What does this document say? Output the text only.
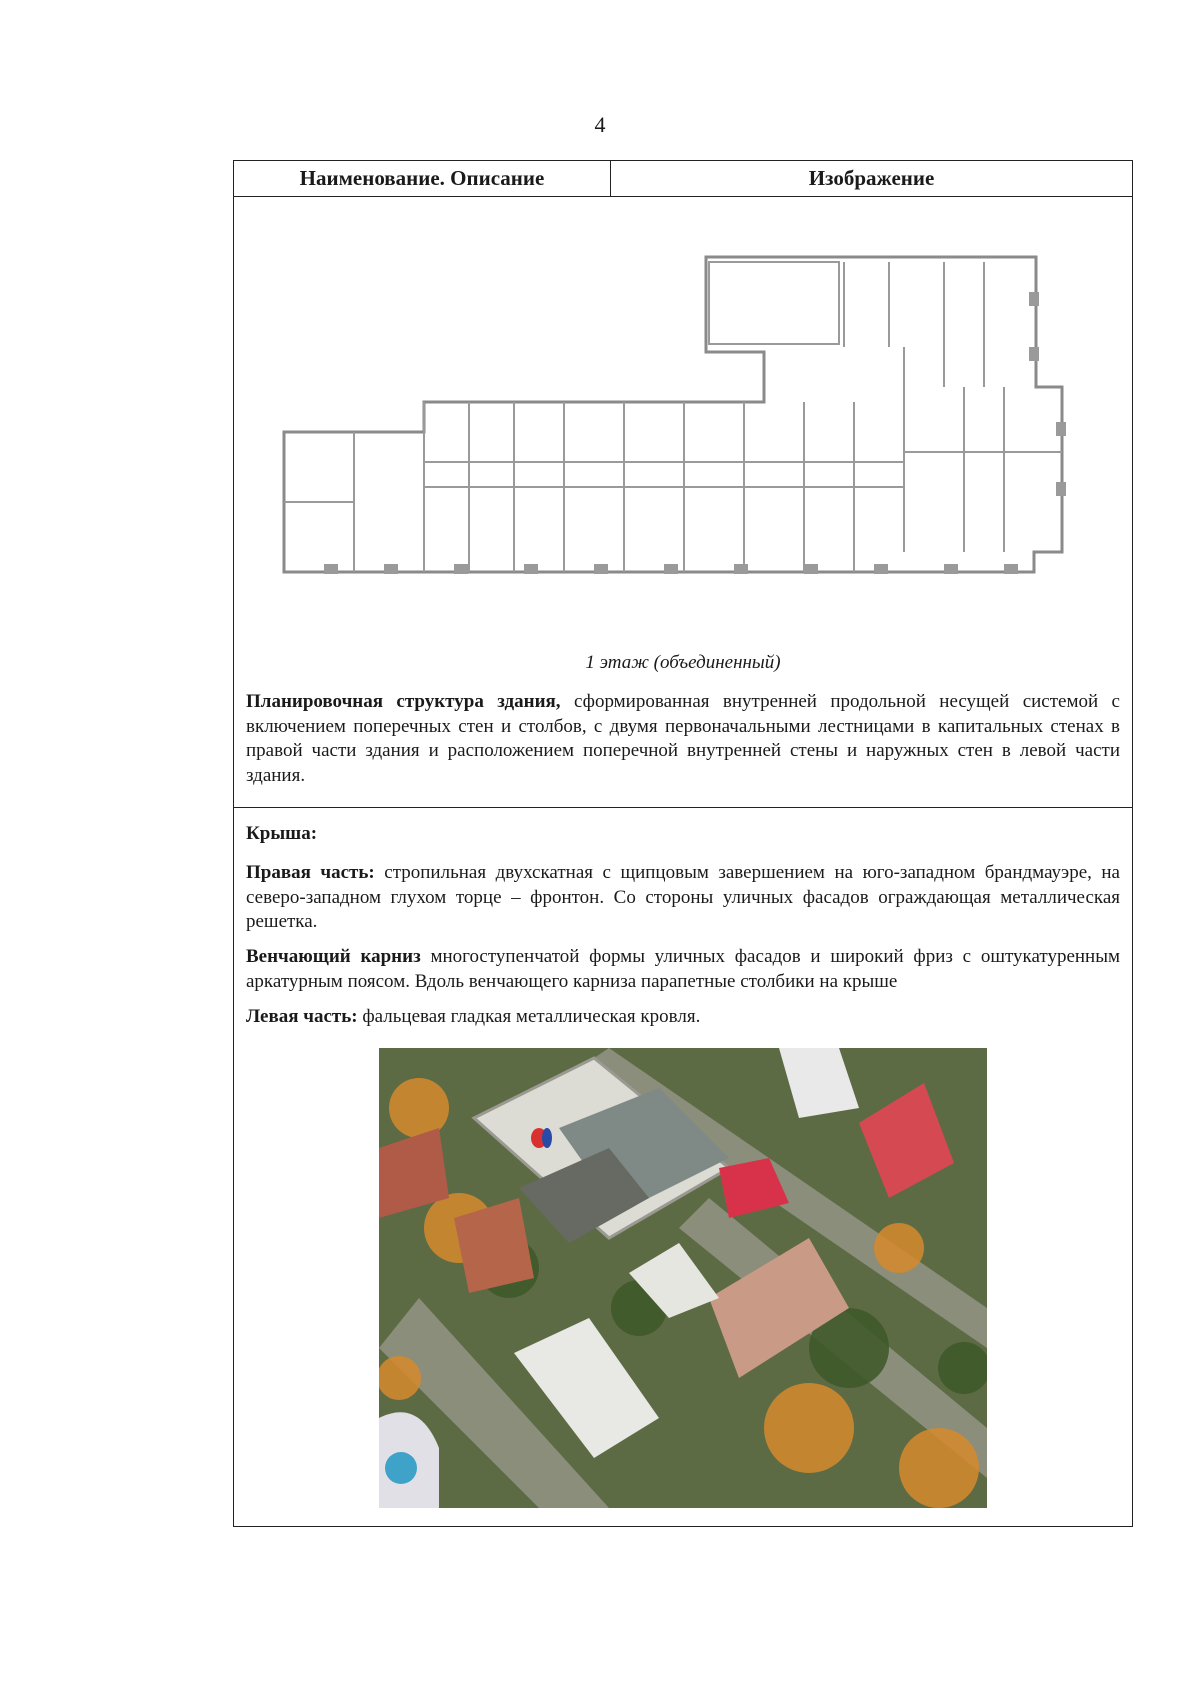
4
Наименование. Описание	Изображение
1 этаж (объединенный)

Планировочная структура здания, сформированная внутренней продольной несущей системой с включением поперечных стен и столбов, с двумя первоначальными лестницами в капитальных стенах в правой части здания и расположением поперечной внутренней стены и наружных стен в левой части здания.

Крыша:

Правая часть: стропильная двухскатная с щипцовым завершением на юго-западном брандмауэре, на северо-западном глухом торце – фронтон. Со стороны уличных фасадов ограждающая металлическая решетка.

Венчающий карниз многоступенчатой формы уличных фасадов и широкий фриз с оштукатуренным аркатурным поясом. Вдоль венчающего карниза парапетные столбики на крыше

Левая часть: фальцевая гладкая металлическая кровля.
